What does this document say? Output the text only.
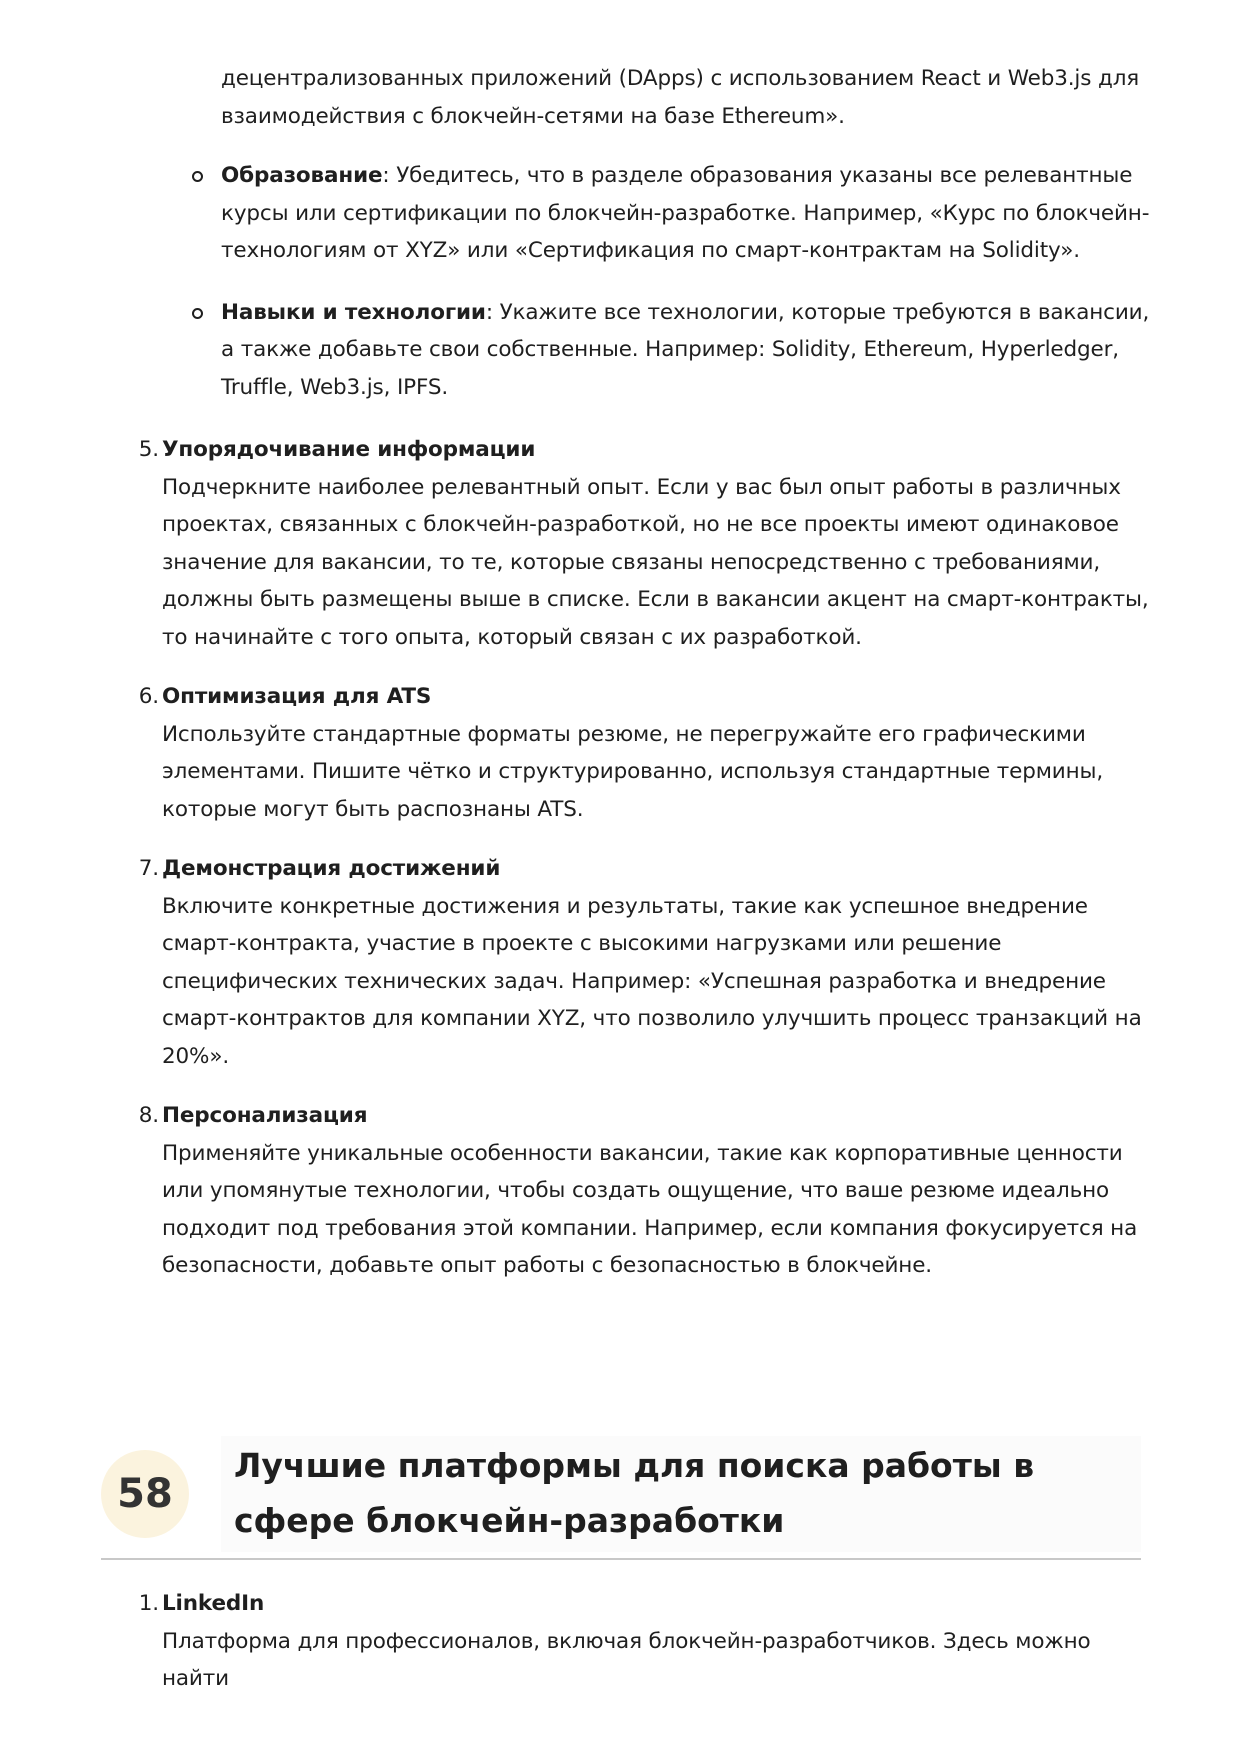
децентрализованных приложений (DApps) с использованием React и Web3.js для взаимодействия с блокчейн-сетями на базе Ethereum».
Образование: Убедитесь, что в разделе образования указаны все релевантные курсы или сертификации по блокчейн-разработке. Например, «Курс по блокчейн-технологиям от XYZ» или «Сертификация по смарт-контрактам на Solidity».
Навыки и технологии: Укажите все технологии, которые требуются в вакансии, а также добавьте свои собственные. Например: Solidity, Ethereum, Hyperledger, Truffle, Web3.js, IPFS.
5. Упорядочивание информации
Подчеркните наиболее релевантный опыт. Если у вас был опыт работы в различных проектах, связанных с блокчейн-разработкой, но не все проекты имеют одинаковое значение для вакансии, то те, которые связаны непосредственно с требованиями, должны быть размещены выше в списке. Если в вакансии акцент на смарт-контракты, то начинайте с того опыта, который связан с их разработкой.
6. Оптимизация для ATS
Используйте стандартные форматы резюме, не перегружайте его графическими элементами. Пишите чётко и структурированно, используя стандартные термины, которые могут быть распознаны ATS.
7. Демонстрация достижений
Включите конкретные достижения и результаты, такие как успешное внедрение смарт-контракта, участие в проекте с высокими нагрузками или решение специфических технических задач. Например: «Успешная разработка и внедрение смарт-контрактов для компании XYZ, что позволило улучшить процесс транзакций на 20%».
8. Персонализация
Применяйте уникальные особенности вакансии, такие как корпоративные ценности или упомянутые технологии, чтобы создать ощущение, что ваше резюме идеально подходит под требования этой компании. Например, если компания фокусируется на безопасности, добавьте опыт работы с безопасностью в блокчейне.
58
Лучшие платформы для поиска работы в сфере блокчейн-разработки
1. LinkedIn
Платформа для профессионалов, включая блокчейн-разработчиков. Здесь можно найти
